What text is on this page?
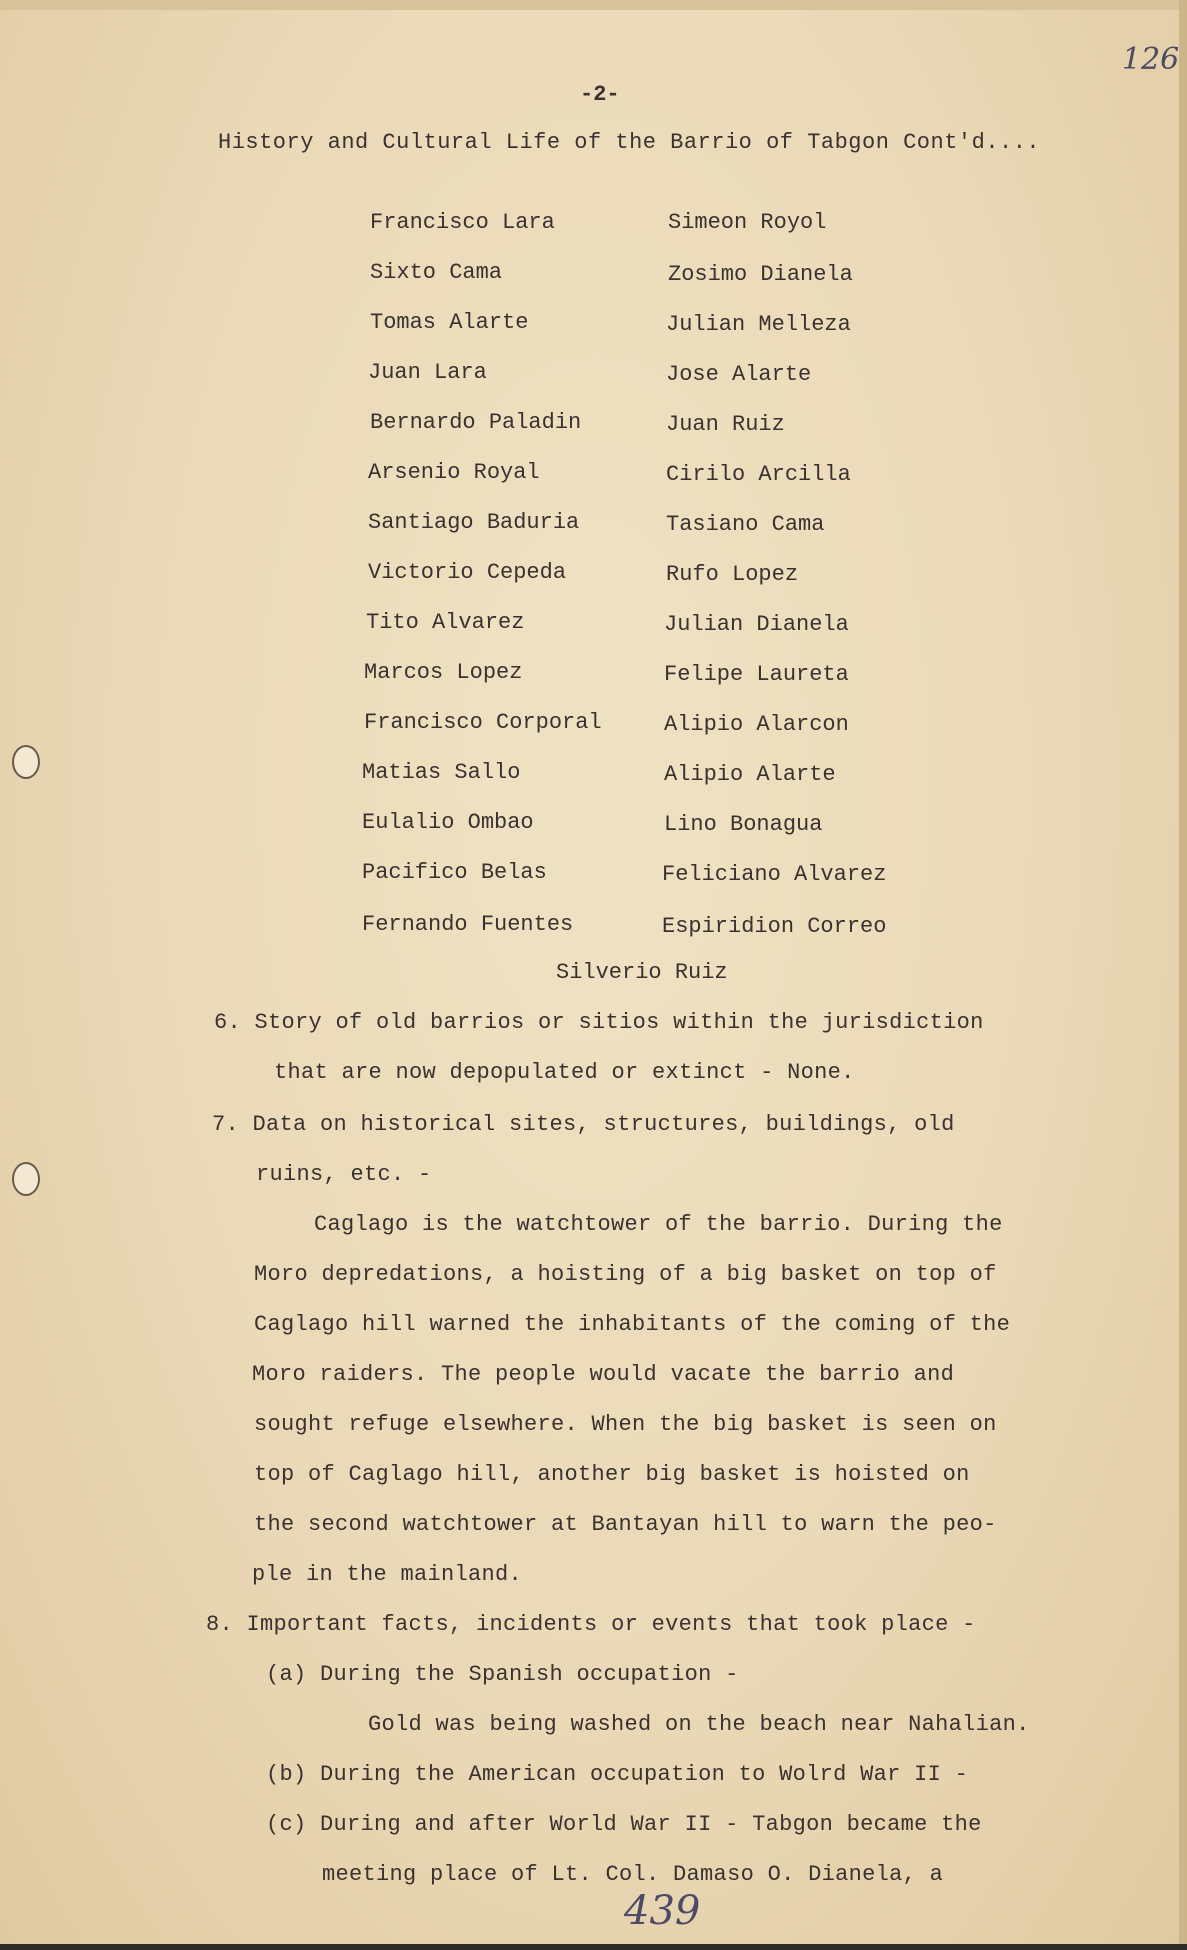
126
-2-
History and Cultural Life of the Barrio of Tabgon Cont'd....
Francisco Lara
Sixto Cama
Tomas Alarte
Juan Lara
Bernardo Paladin
Arsenio Royal
Santiago Baduria
Victorio Cepeda
Tito Alvarez
Marcos Lopez
Francisco Corporal
Matias Sallo
Eulalio Ombao
Pacifico Belas
Fernando Fuentes
Simeon Royol
Zosimo Dianela
Julian Melleza
Jose Alarte
Juan Ruiz
Cirilo Arcilla
Tasiano Cama
Rufo Lopez
Julian Dianela
Felipe Laureta
Alipio Alarcon
Alipio Alarte
Lino Bonagua
Feliciano Alvarez
Espiridion Correo
Silverio Ruiz
6. Story of old barrios or sitios within the jurisdiction
that are now depopulated or extinct - None.
7. Data on historical sites, structures, buildings, old
ruins, etc. -
Caglago is the watchtower of the barrio. During the
Moro depredations, a hoisting of a big basket on top of
Caglago hill warned the inhabitants of the coming of the
Moro raiders. The people would vacate the barrio and
sought refuge elsewhere. When the big basket is seen on
top of Caglago hill, another big basket is hoisted on
the second watchtower at Bantayan hill to warn the peo-
ple in the mainland.
8. Important facts, incidents or events that took place -
(a) During the Spanish occupation -
Gold was being washed on the beach near Nahalian.
(b) During the American occupation to Wolrd War II -
(c) During and after World War II - Tabgon became the
meeting place of Lt. Col. Damaso O. Dianela, a
439
